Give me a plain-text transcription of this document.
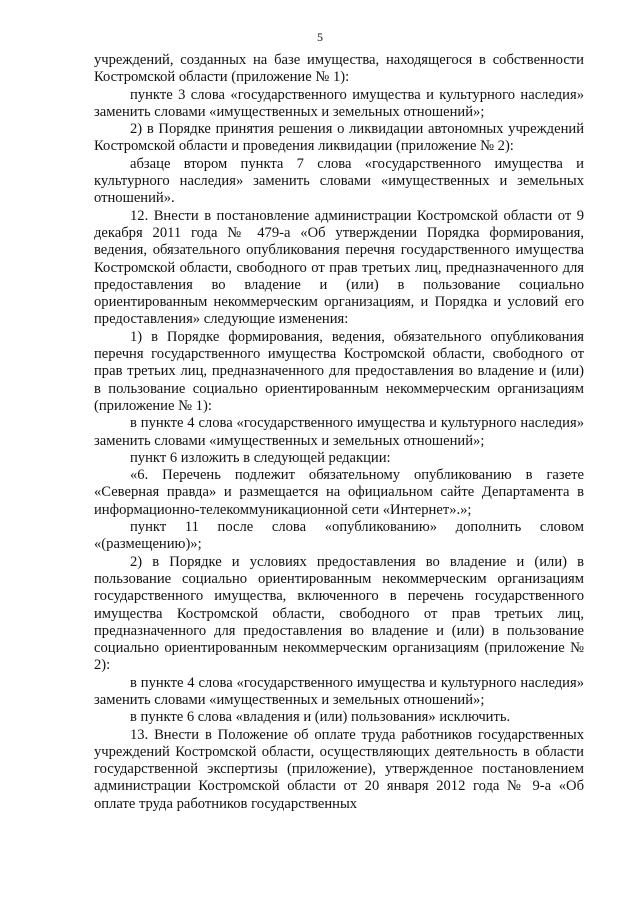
5

учреждений, созданных на базе имущества, находящегося в собственности Костромской области (приложение № 1):

пункте 3 слова «государственного имущества и культурного наследия» заменить словами «имущественных и земельных отношений»;

2) в Порядке принятия решения о ликвидации автономных учреждений Костромской области и проведения ликвидации (приложение № 2):

абзаце втором пункта 7 слова «государственного имущества и культурного наследия» заменить словами «имущественных и земельных отношений».

12. Внести в постановление администрации Костромской области от 9 декабря 2011 года № 479-а «Об утверждении Порядка формирования, ведения, обязательного опубликования перечня государственного имущества Костромской области, свободного от прав третьих лиц, предназначенного для предоставления во владение и (или) в пользование социально ориентированным некоммерческим организациям, и Порядка и условий его предоставления» следующие изменения:

1) в Порядке формирования, ведения, обязательного опубликования перечня государственного имущества Костромской области, свободного от прав третьих лиц, предназначенного для предоставления во владение и (или) в пользование социально ориентированным некоммерческим организациям (приложение № 1):

в пункте 4 слова «государственного имущества и культурного наследия» заменить словами «имущественных и земельных отношений»;

пункт 6 изложить в следующей редакции:

«6. Перечень подлежит обязательному опубликованию в газете «Северная правда» и размещается на официальном сайте Департамента в информационно-телекоммуникационной сети «Интернет».»;

пункт 11 после слова «опубликованию» дополнить словом «(размещению)»;

2) в Порядке и условиях предоставления во владение и (или) в пользование социально ориентированным некоммерческим организациям государственного имущества, включенного в перечень государственного имущества Костромской области, свободного от прав третьих лиц, предназначенного для предоставления во владение и (или) в пользование социально ориентированным некоммерческим организациям (приложение № 2):

в пункте 4 слова «государственного имущества и культурного наследия» заменить словами «имущественных и земельных отношений»;

в пункте 6 слова «владения и (или) пользования» исключить.

13. Внести в Положение об оплате труда работников государственных учреждений Костромской области, осуществляющих деятельность в области государственной экспертизы (приложение), утвержденное постановлением администрации Костромской области от 20 января 2012 года № 9-а «Об оплате труда работников государственных
